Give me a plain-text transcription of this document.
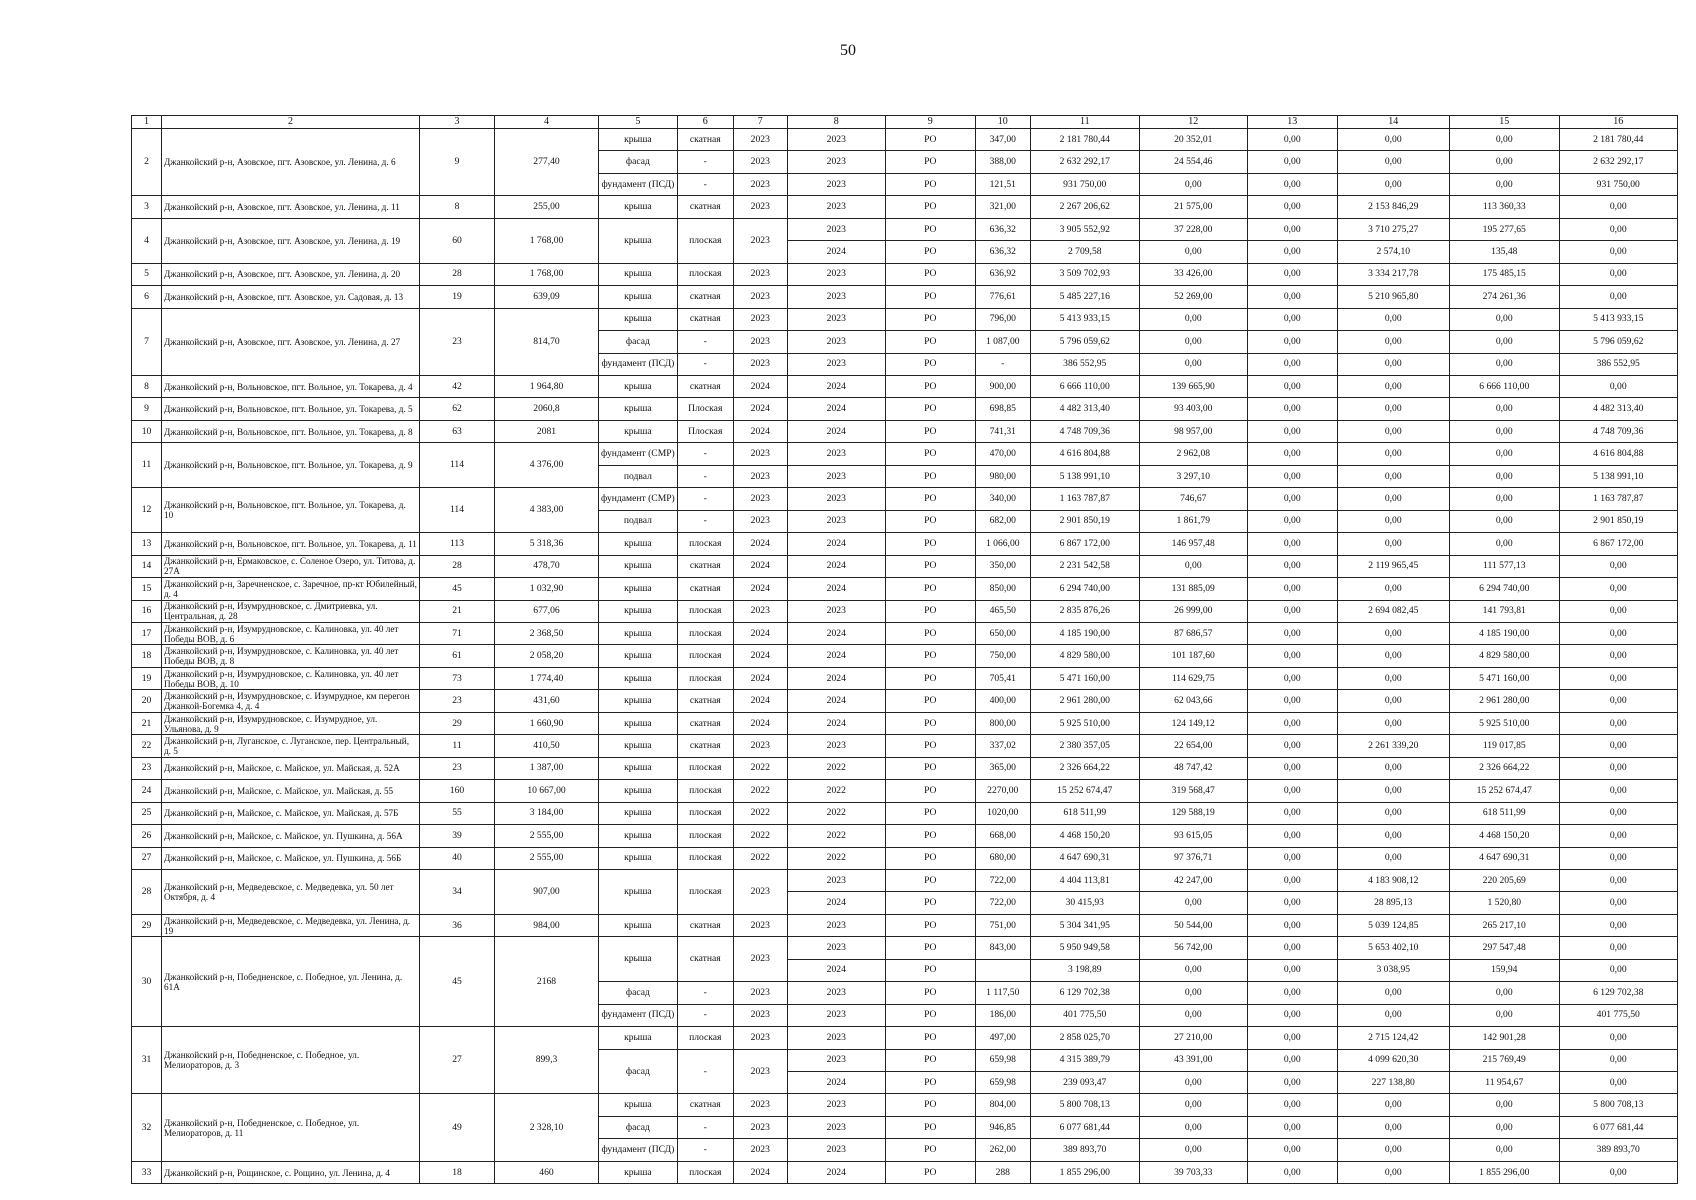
50
1	2	3	4	5	6	7	8	9	10	11	12	13	14	15	16
2	Джанкойский р-н, Азовское, пгт. Азовское, ул. Ленина, д. 6	9	277,40	крыша	скатная	2023	2023	РО	347,00	2 181 780,44	20 352,01	0,00	0,00	0,00	2 181 780,44
				фасад	-	2023	2023	РО	388,00	2 632 292,17	24 554,46	0,00	0,00	0,00	2 632 292,17
				фундамент (ПСД)	-	2023	2023	РО	121,51	931 750,00	0,00	0,00	0,00	0,00	931 750,00
3	Джанкойский р-н, Азовское, пгт. Азовское, ул. Ленина, д. 11	8	255,00	крыша	скатная	2023	2023	РО	321,00	2 267 206,62	21 575,00	0,00	2 153 846,29	113 360,33	0,00
4	Джанкойский р-н, Азовское, пгт. Азовское, ул. Ленина, д. 19	60	1 768,00	крыша	плоская	2023	2023	РО	636,32	3 905 552,92	37 228,00	0,00	3 710 275,27	195 277,65	0,00
							2024	РО	636,32	2 709,58	0,00	0,00	2 574,10	135,48	0,00
5	Джанкойский р-н, Азовское, пгт. Азовское, ул. Ленина, д. 20	28	1 768,00	крыша	плоская	2023	2023	РО	636,92	3 509 702,93	33 426,00	0,00	3 334 217,78	175 485,15	0,00
6	Джанкойский р-н, Азовское, пгт. Азовское, ул. Садовая, д. 13	19	639,09	крыша	скатная	2023	2023	РО	776,61	5 485 227,16	52 269,00	0,00	5 210 965,80	274 261,36	0,00
7	Джанкойский р-н, Азовское, пгт. Азовское, ул. Ленина, д. 27	23	814,70	крыша	скатная	2023	2023	РО	796,00	5 413 933,15	0,00	0,00	0,00	0,00	5 413 933,15
				фасад	-	2023	2023	РО	1 087,00	5 796 059,62	0,00	0,00	0,00	0,00	5 796 059,62
				фундамент (ПСД)	-	2023	2023	РО	-	386 552,95	0,00	0,00	0,00	0,00	386 552,95
8	Джанкойский р-н, Вольновское, пгт. Вольное, ул. Токарева, д. 4	42	1 964,80	крыша	скатная	2024	2024	РО	900,00	6 666 110,00	139 665,90	0,00	0,00	6 666 110,00	0,00
9	Джанкойский р-н, Вольновское, пгт. Вольное, ул. Токарева, д. 5	62	2060,8	крыша	Плоская	2024	2024	РО	698,85	4 482 313,40	93 403,00	0,00	0,00	0,00	4 482 313,40
10	Джанкойский р-н, Вольновское, пгт. Вольное, ул. Токарева, д. 8	63	2081	крыша	Плоская	2024	2024	РО	741,31	4 748 709,36	98 957,00	0,00	0,00	0,00	4 748 709,36
11	Джанкойский р-н, Вольновское, пгт. Вольное, ул. Токарева, д. 9	114	4 376,00	фундамент (СМР)	-	2023	2023	РО	470,00	4 616 804,88	2 962,08	0,00	0,00	0,00	4 616 804,88
				подвал	-	2023	2023	РО	980,00	5 138 991,10	3 297,10	0,00	0,00	0,00	5 138 991,10
12	Джанкойский р-н, Вольновское, пгт. Вольное, ул. Токарева, д. 10	114	4 383,00	фундамент (СМР)	-	2023	2023	РО	340,00	1 163 787,87	746,67	0,00	0,00	0,00	1 163 787,87
				подвал	-	2023	2023	РО	682,00	2 901 850,19	1 861,79	0,00	0,00	0,00	2 901 850,19
13	Джанкойский р-н, Вольновское, пгт. Вольное, ул. Токарева, д. 11	113	5 318,36	крыша	плоская	2024	2024	РО	1 066,00	6 867 172,00	146 957,48	0,00	0,00	0,00	6 867 172,00
14	Джанкойский р-н, Ермаковское, с. Соленое Озеро, ул. Титова, д. 27А	28	478,70	крыша	скатная	2024	2024	РО	350,00	2 231 542,58	0,00	0,00	2 119 965,45	111 577,13	0,00
15	Джанкойский р-н, Заречненское, с. Заречное, пр-кт Юбилейный, д. 4	45	1 032,90	крыша	скатная	2024	2024	РО	850,00	6 294 740,00	131 885,09	0,00	0,00	6 294 740,00	0,00
16	Джанкойский р-н, Изумрудновское, с. Дмитриевка, ул. Центральная, д. 28	21	677,06	крыша	плоская	2023	2023	РО	465,50	2 835 876,26	26 999,00	0,00	2 694 082,45	141 793,81	0,00
17	Джанкойский р-н, Изумрудновское, с. Калиновка, ул. 40 лет Победы ВОВ, д. 6	71	2 368,50	крыша	плоская	2024	2024	РО	650,00	4 185 190,00	87 686,57	0,00	0,00	4 185 190,00	0,00
18	Джанкойский р-н, Изумрудновское, с. Калиновка, ул. 40 лет Победы ВОВ, д. 8	61	2 058,20	крыша	плоская	2024	2024	РО	750,00	4 829 580,00	101 187,60	0,00	0,00	4 829 580,00	0,00
19	Джанкойский р-н, Изумрудновское, с. Калиновка, ул. 40 лет Победы ВОВ, д. 10	73	1 774,40	крыша	плоская	2024	2024	РО	705,41	5 471 160,00	114 629,75	0,00	0,00	5 471 160,00	0,00
20	Джанкойский р-н, Изумрудновское, с. Изумрудное, км перегон Джанкой-Богемка 4, д. 4	23	431,60	крыша	скатная	2024	2024	РО	400,00	2 961 280,00	62 043,66	0,00	0,00	2 961 280,00	0,00
21	Джанкойский р-н, Изумрудновское, с. Изумрудное, ул. Ульянова, д. 9	29	1 660,90	крыша	скатная	2024	2024	РО	800,00	5 925 510,00	124 149,12	0,00	0,00	5 925 510,00	0,00
22	Джанкойский р-н, Луганское, с. Луганское, пер. Центральный, д. 5	11	410,50	крыша	скатная	2023	2023	РО	337,02	2 380 357,05	22 654,00	0,00	2 261 339,20	119 017,85	0,00
23	Джанкойский р-н, Майское, с. Майское, ул. Майская, д. 52А	23	1 387,00	крыша	плоская	2022	2022	РО	365,00	2 326 664,22	48 747,42	0,00	0,00	2 326 664,22	0,00
24	Джанкойский р-н, Майское, с. Майское, ул. Майская, д. 55	160	10 667,00	крыша	плоская	2022	2022	РО	2270,00	15 252 674,47	319 568,47	0,00	0,00	15 252 674,47	0,00
25	Джанкойский р-н, Майское, с. Майское, ул. Майская, д. 57Б	55	3 184,00	крыша	плоская	2022	2022	РО	1020,00	618 511,99	129 588,19	0,00	0,00	618 511,99	0,00
26	Джанкойский р-н, Майское, с. Майское, ул. Пушкина, д. 56А	39	2 555,00	крыша	плоская	2022	2022	РО	668,00	4 468 150,20	93 615,05	0,00	0,00	4 468 150,20	0,00
27	Джанкойский р-н, Майское, с. Майское, ул. Пушкина, д. 56Б	40	2 555,00	крыша	плоская	2022	2022	РО	680,00	4 647 690,31	97 376,71	0,00	0,00	4 647 690,31	0,00
28	Джанкойский р-н, Медведевское, с. Медведевка, ул. 50 лет Октября, д. 4	34	907,00	крыша	плоская	2023	2023	РО	722,00	4 404 113,81	42 247,00	0,00	4 183 908,12	220 205,69	0,00
							2024	РО	722,00	30 415,93	0,00	0,00	28 895,13	1 520,80	0,00
29	Джанкойский р-н, Медведевское, с. Медведевка, ул. Ленина, д. 19	36	984,00	крыша	скатная	2023	2023	РО	751,00	5 304 341,95	50 544,00	0,00	5 039 124,85	265 217,10	0,00
30	Джанкойский р-н, Победненское, с. Победное, ул. Ленина, д. 61А	45	2168	крыша	скатная	2023	2023	РО	843,00	5 950 949,58	56 742,00	0,00	5 653 402,10	297 547,48	0,00
							2024	РО		3 198,89	0,00	0,00	3 038,95	159,94	0,00
				фасад	-	2023	2023	РО	1 117,50	6 129 702,38	0,00	0,00	0,00	0,00	6 129 702,38
				фундамент (ПСД)	-	2023	2023	РО	186,00	401 775,50	0,00	0,00	0,00	0,00	401 775,50
31	Джанкойский р-н, Победненское, с. Победное, ул. Мелиораторов, д. 3	27	899,3	крыша	плоская	2023	2023	РО	497,00	2 858 025,70	27 210,00	0,00	2 715 124,42	142 901,28	0,00
				фасад	-	2023	2023	РО	659,98	4 315 389,79	43 391,00	0,00	4 099 620,30	215 769,49	0,00
							2024	РО	659,98	239 093,47	0,00	0,00	227 138,80	11 954,67	0,00
32	Джанкойский р-н, Победненское, с. Победное, ул. Мелиораторов, д. 11	49	2 328,10	крыша	скатная	2023	2023	РО	804,00	5 800 708,13	0,00	0,00	0,00	0,00	5 800 708,13
				фасад	-	2023	2023	РО	946,85	6 077 681,44	0,00	0,00	0,00	0,00	6 077 681,44
				фундамент (ПСД)	-	2023	2023	РО	262,00	389 893,70	0,00	0,00	0,00	0,00	389 893,70
33	Джанкойский р-н, Рощинское, с. Рощино, ул. Ленина, д. 4	18	460	крыша	плоская	2024	2024	РО	288	1 855 296,00	39 703,33	0,00	0,00	1 855 296,00	0,00
